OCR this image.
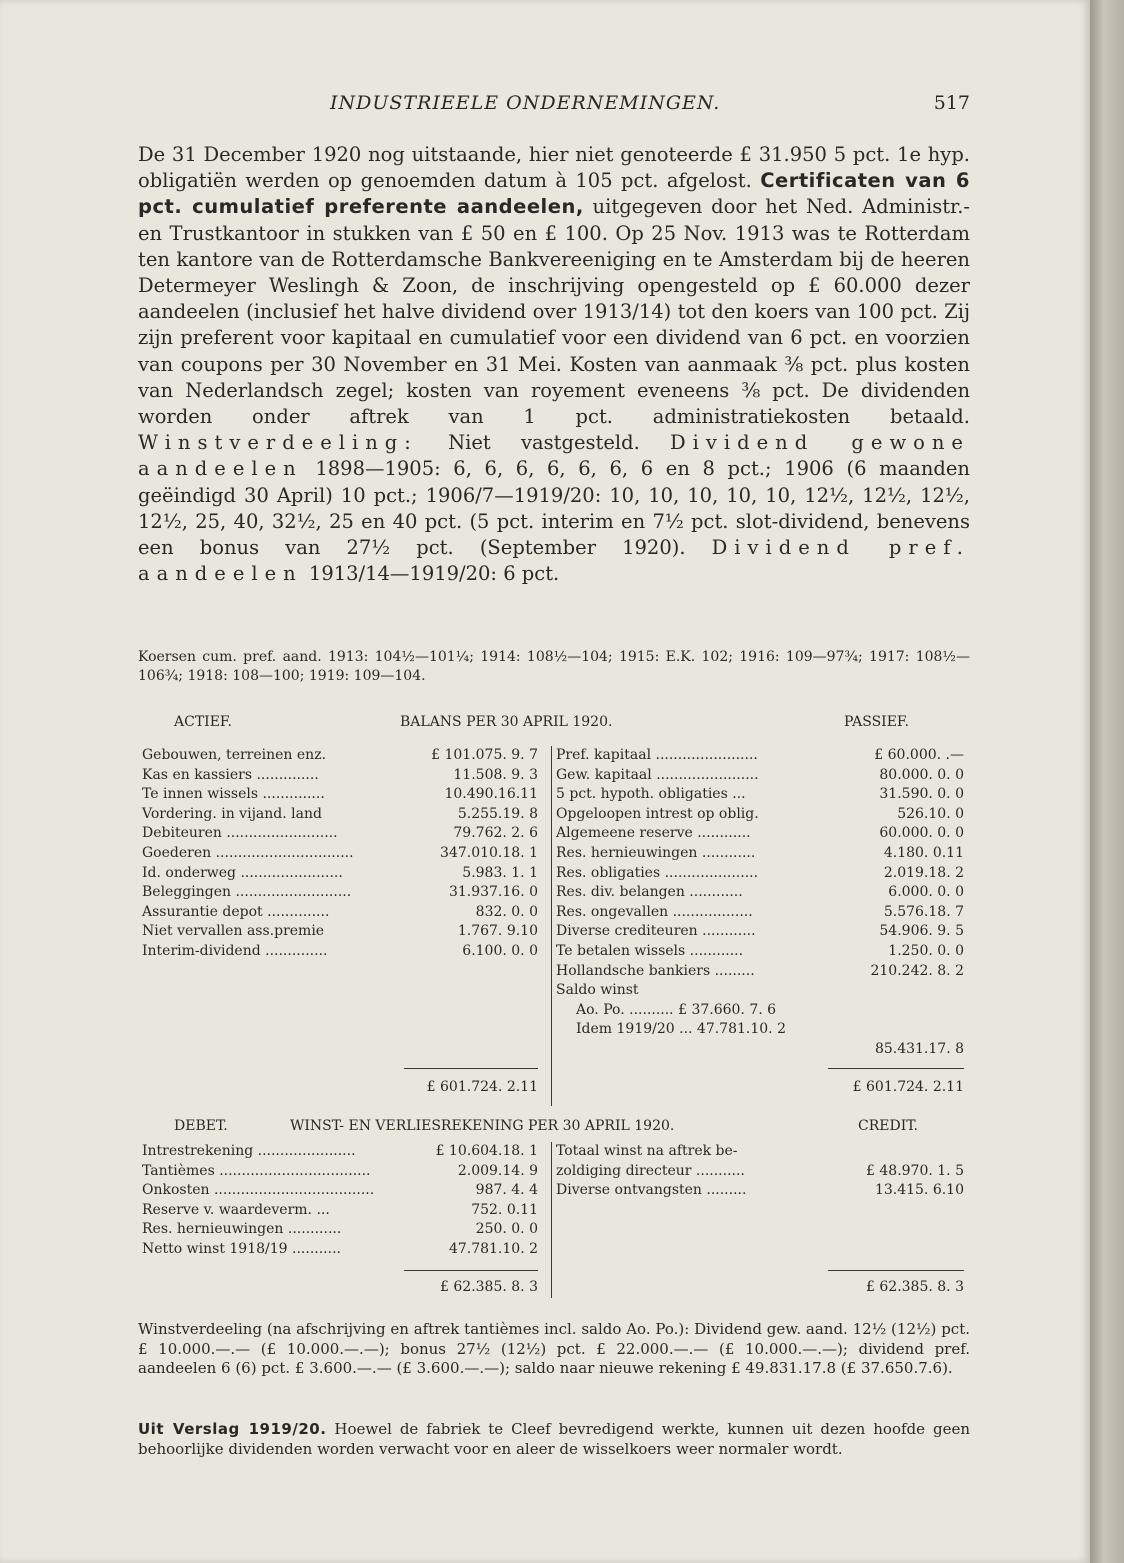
INDUSTRIEELE ONDERNEMINGEN.	517
De 31 December 1920 nog uitstaande, hier niet genoteerde £ 31.950 5 pct. 1e hyp. obligatiën werden op genoemden datum à 105 pct. afgelost. Certificaten van 6 pct. cumulatief preferente aandeelen, uitgegeven door het Ned. Administr.- en Trustkantoor in stukken van £ 50 en £ 100. Op 25 Nov. 1913 was te Rotterdam ten kantore van de Rotterdamsche Bankvereeniging en te Amsterdam bij de heeren Determeyer Weslingh & Zoon, de inschrijving opengesteld op £ 60.000 dezer aandeelen (inclusief het halve dividend over 1913/14) tot den koers van 100 pct. Zij zijn preferent voor kapitaal en cumulatief voor een dividend van 6 pct. en voorzien van coupons per 30 November en 31 Mei. Kosten van aanmaak ⅜ pct. plus kosten van Nederlandsch zegel; kosten van royement eveneens ⅜ pct. De dividenden worden onder aftrek van 1 pct. administratiekosten betaald. Winstverdeeling: Niet vastgesteld. Dividend gewone aandeelen 1898—1905: 6, 6, 6, 6, 6, 6, 6 en 8 pct.; 1906 (6 maanden geëindigd 30 April) 10 pct.; 1906/7—1919/20: 10, 10, 10, 10, 10, 12½, 12½, 12½, 12½, 25, 40, 32½, 25 en 40 pct. (5 pct. interim en 7½ pct. slot-dividend, benevens een bonus van 27½ pct. (September 1920). Dividend pref. aandeelen 1913/14—1919/20: 6 pct.
Koersen cum. pref. aand. 1913: 104½—101¼; 1914: 108½—104; 1915: E.K. 102; 1916: 109—97¾; 1917: 108½—106¾; 1918: 108—100; 1919: 109—104.
ACTIEF.	BALANS PER 30 APRIL 1920.	PASSIEF.
Gebouwen, terreinen enz.	£ 101.075. 9. 7
Kas en kassiers ..............	11.508. 9. 3
Te innen wissels ..............	10.490.16.11
Vordering. in vijand. land	5.255.19. 8
Debiteuren .........................	79.762. 2. 6
Goederen ...............................	347.010.18. 1
Id. onderweg .......................	5.983. 1. 1
Beleggingen ..........................	31.937.16. 0
Assurantie depot ..............	832. 0. 0
Niet vervallen ass.premie	1.767. 9.10
Interim-dividend ..............	6.100. 0. 0
Pref. kapitaal .......................	£ 60.000. .—
Gew. kapitaal .......................	80.000. 0. 0
5 pct. hypoth. obligaties ...	31.590. 0. 0
Opgeloopen intrest op oblig.	526.10. 0
Algemeene reserve ............	60.000. 0. 0
Res. hernieuwingen ............	4.180. 0.11
Res. obligaties .....................	2.019.18. 2
Res. div. belangen ............	6.000. 0. 0
Res. ongevallen ..................	5.576.18. 7
Diverse crediteuren ............	54.906. 9. 5
Te betalen wissels ............	1.250. 0. 0
Hollandsche bankiers .........	210.242. 8. 2
Saldo winst
Ao. Po. .......... £ 37.660. 7. 6
Idem 1919/20 ... 47.781.10. 2
85.431.17. 8
£ 601.724. 2.11	£ 601.724. 2.11
DEBET.	WINST- EN VERLIESREKENING PER 30 APRIL 1920.	CREDIT.
Intrestrekening ......................	£ 10.604.18. 1
Tantièmes ..................................	2.009.14. 9
Onkosten ....................................	987. 4. 4
Reserve v. waardeverm. ...	752. 0.11
Res. hernieuwingen ............	250. 0. 0
Netto winst 1918/19 ...........	47.781.10. 2
Totaal winst na aftrek be-
zoldiging directeur ...........	£ 48.970. 1. 5
Diverse ontvangsten .........	13.415. 6.10
£ 62.385. 8. 3	£ 62.385. 8. 3
Winstverdeeling (na afschrijving en aftrek tantièmes incl. saldo Ao. Po.): Dividend gew. aand. 12½ (12½) pct. £ 10.000.—.— (£ 10.000.—.—); bonus 27½ (12½) pct. £ 22.000.—.— (£ 10.000.—.—); dividend pref. aandeelen 6 (6) pct. £ 3.600.—.— (£ 3.600.—.—); saldo naar nieuwe rekening £ 49.831.17.8 (£ 37.650.7.6).
Uit Verslag 1919/20. Hoewel de fabriek te Cleef bevredigend werkte, kunnen uit dezen hoofde geen behoorlijke dividenden worden verwacht voor en aleer de wisselkoers weer normaler wordt.
